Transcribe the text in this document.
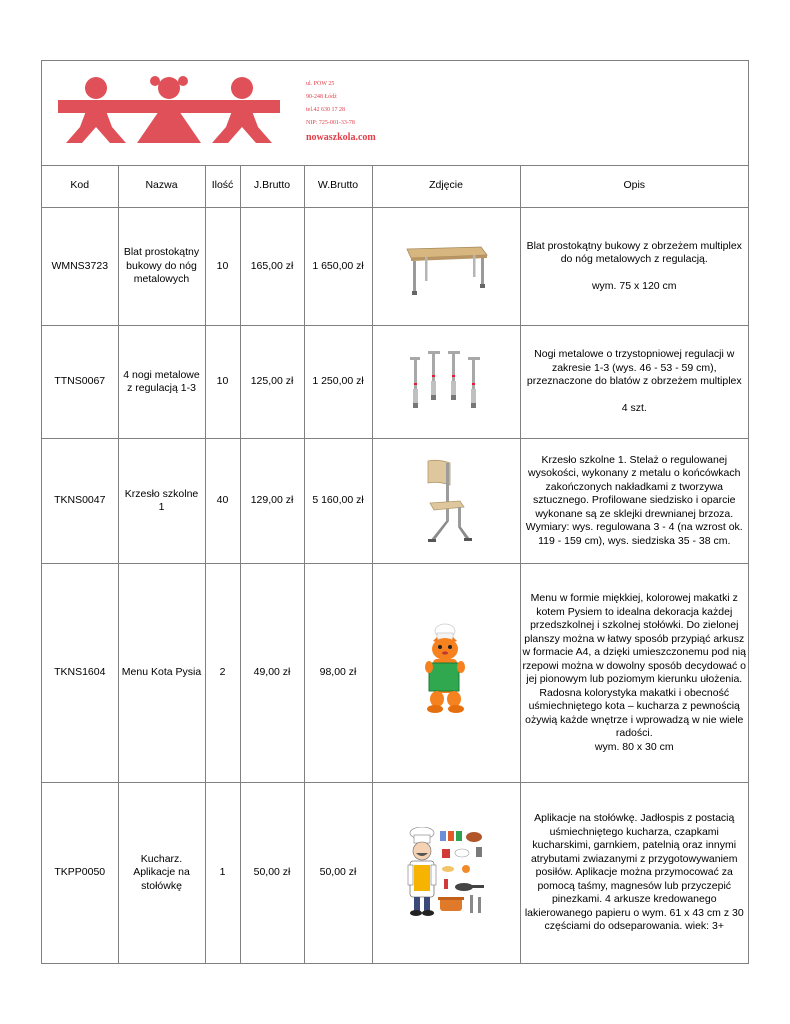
ul. POW 25
90-248 Łódź
tel.42 630 17 28
NIP: 725-001-33-78
nowaszkola.com
Kod	Nazwa	Ilość	J.Brutto	W.Brutto	Zdjęcie	Opis
WMNS3723	Blat prostokątny bukowy do nóg metalowych	10	165,00 zł	1 650,00 zł		Blat prostokątny bukowy z obrzeżem multiplex do nóg metalowych z regulacją.

wym. 75 x 120 cm

TTNS0067	4 nogi metalowe z regulacją 1-3	10	125,00 zł	1 250,00 zł		Nogi metalowe o trzystopniowej regulacji w zakresie 1-3 (wys. 46 - 53 - 59 cm), przeznaczone do blatów z obrzeżem multiplex

4 szt.

TKNS0047	Krzesło szkolne 1	40	129,00 zł	5 160,00 zł		Krzesło szkolne 1. Stelaż o regulowanej wysokości, wykonany z metalu o końcówkach zakończonych nakładkami z tworzywa sztucznego. Profilowane siedzisko i oparcie wykonane są ze sklejki drewnianej brzoza. Wymiary: wys. regulowana 3 - 4 (na wzrost ok. 119 - 159 cm), wys. siedziska 35 - 38 cm.

TKNS1604	Menu Kota Pysia	2	49,00 zł	98,00 zł		Menu w formie miękkiej, kolorowej makatki z kotem Pysiem to idealna dekoracja każdej przedszkolnej i szkolnej stołówki. Do zielonej planszy można w łatwy sposób przypiąć arkusz w formacie A4, a dzięki umieszczonemu pod nią rzepowi można w dowolny sposób decydować o jej pionowym lub poziomym kierunku ułożenia. Radosna kolorystyka makatki i obecność uśmiechniętego kota – kucharza z pewnością ożywią każde wnętrze i wprowadzą w nie wiele radości.
wym. 80 x 30 cm

TKPP0050	Kucharz. Aplikacje na stołówkę	1	50,00 zł	50,00 zł		Aplikacje na stołówkę. Jadłospis z postacią uśmiechniętego kucharza, czapkami kucharskimi, garnkiem, patelnią oraz innymi atrybutami zwiazanymi z przygotowywaniem posiłów. Aplikacje można przymocować za pomocą taśmy, magnesów lub przyczepić pinezkami. 4 arkusze kredowanego lakierowanego papieru o wym. 61 x 43 cm z 30 częściami do odseparowania. wiek: 3+
